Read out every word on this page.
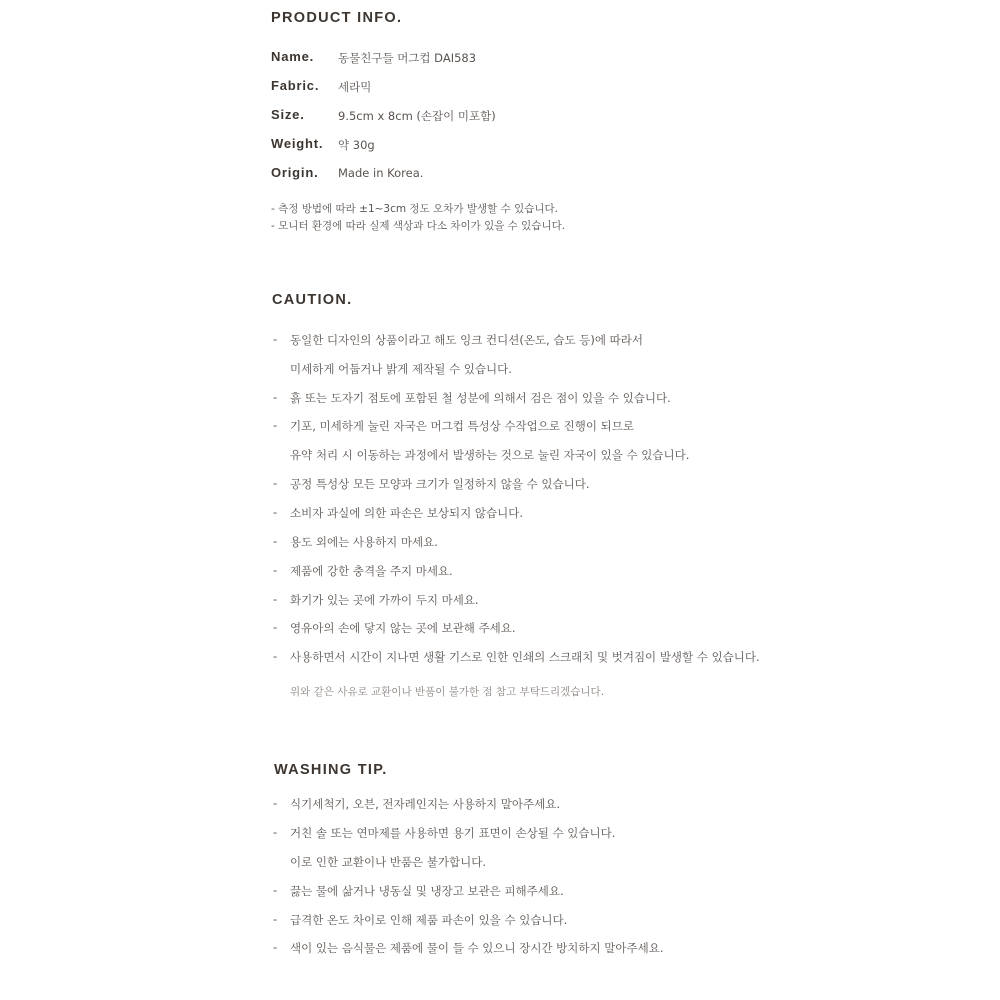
PRODUCT INFO.
Name. 동물친구들 머그컵 DAI583
Fabric. 세라믹
Size.	9.5cm x 8cm (손잡이 미포함)
Weight. 약 30g
Origin. Made in Korea.
- 측정 방법에 따라 ±1~3cm 정도 오차가 발생할 수 있습니다.
- 모니터 환경에 따라 실제 색상과 다소 차이가 있을 수 있습니다.
CAUTION.
- 동일한 디자인의 상품이라고 해도 잉크 컨디션(온도, 습도 등)에 따라서
미세하게 어둡거나 밝게 제작될 수 있습니다.
- 흙 또는 도자기 점토에 포함된 철 성분에 의해서 검은 점이 있을 수 있습니다.
- 기포, 미세하게 눌린 자국은 머그컵 특성상 수작업으로 진행이 되므로
유약 처리 시 이동하는 과정에서 발생하는 것으로 눌린 자국이 있을 수 있습니다.
- 공정 특성상 모든 모양과 크기가 일정하지 않을 수 있습니다.
- 소비자 과실에 의한 파손은 보상되지 않습니다.
- 용도 외에는 사용하지 마세요.
- 제품에 강한 충격을 주지 마세요.
- 화기가 있는 곳에 가까이 두지 마세요.
- 영유아의 손에 닿지 않는 곳에 보관해 주세요.
- 사용하면서 시간이 지나면 생활 기스로 인한 인쇄의 스크래치 및 벗겨짐이 발생할 수 있습니다.
위와 같은 사유로 교환이나 반품이 불가한 점 참고 부탁드리겠습니다.
WASHING TIP.
- 식기세척기, 오븐, 전자레인지는 사용하지 말아주세요.
- 거친 솔 또는 연마제를 사용하면 용기 표면이 손상될 수 있습니다.
이로 인한 교환이나 반품은 불가합니다.
- 끓는 물에 삶거나 냉동실 및 냉장고 보관은 피해주세요.
- 급격한 온도 차이로 인해 제품 파손이 있을 수 있습니다.
- 색이 있는 음식물은 제품에 물이 들 수 있으니 장시간 방치하지 말아주세요.
